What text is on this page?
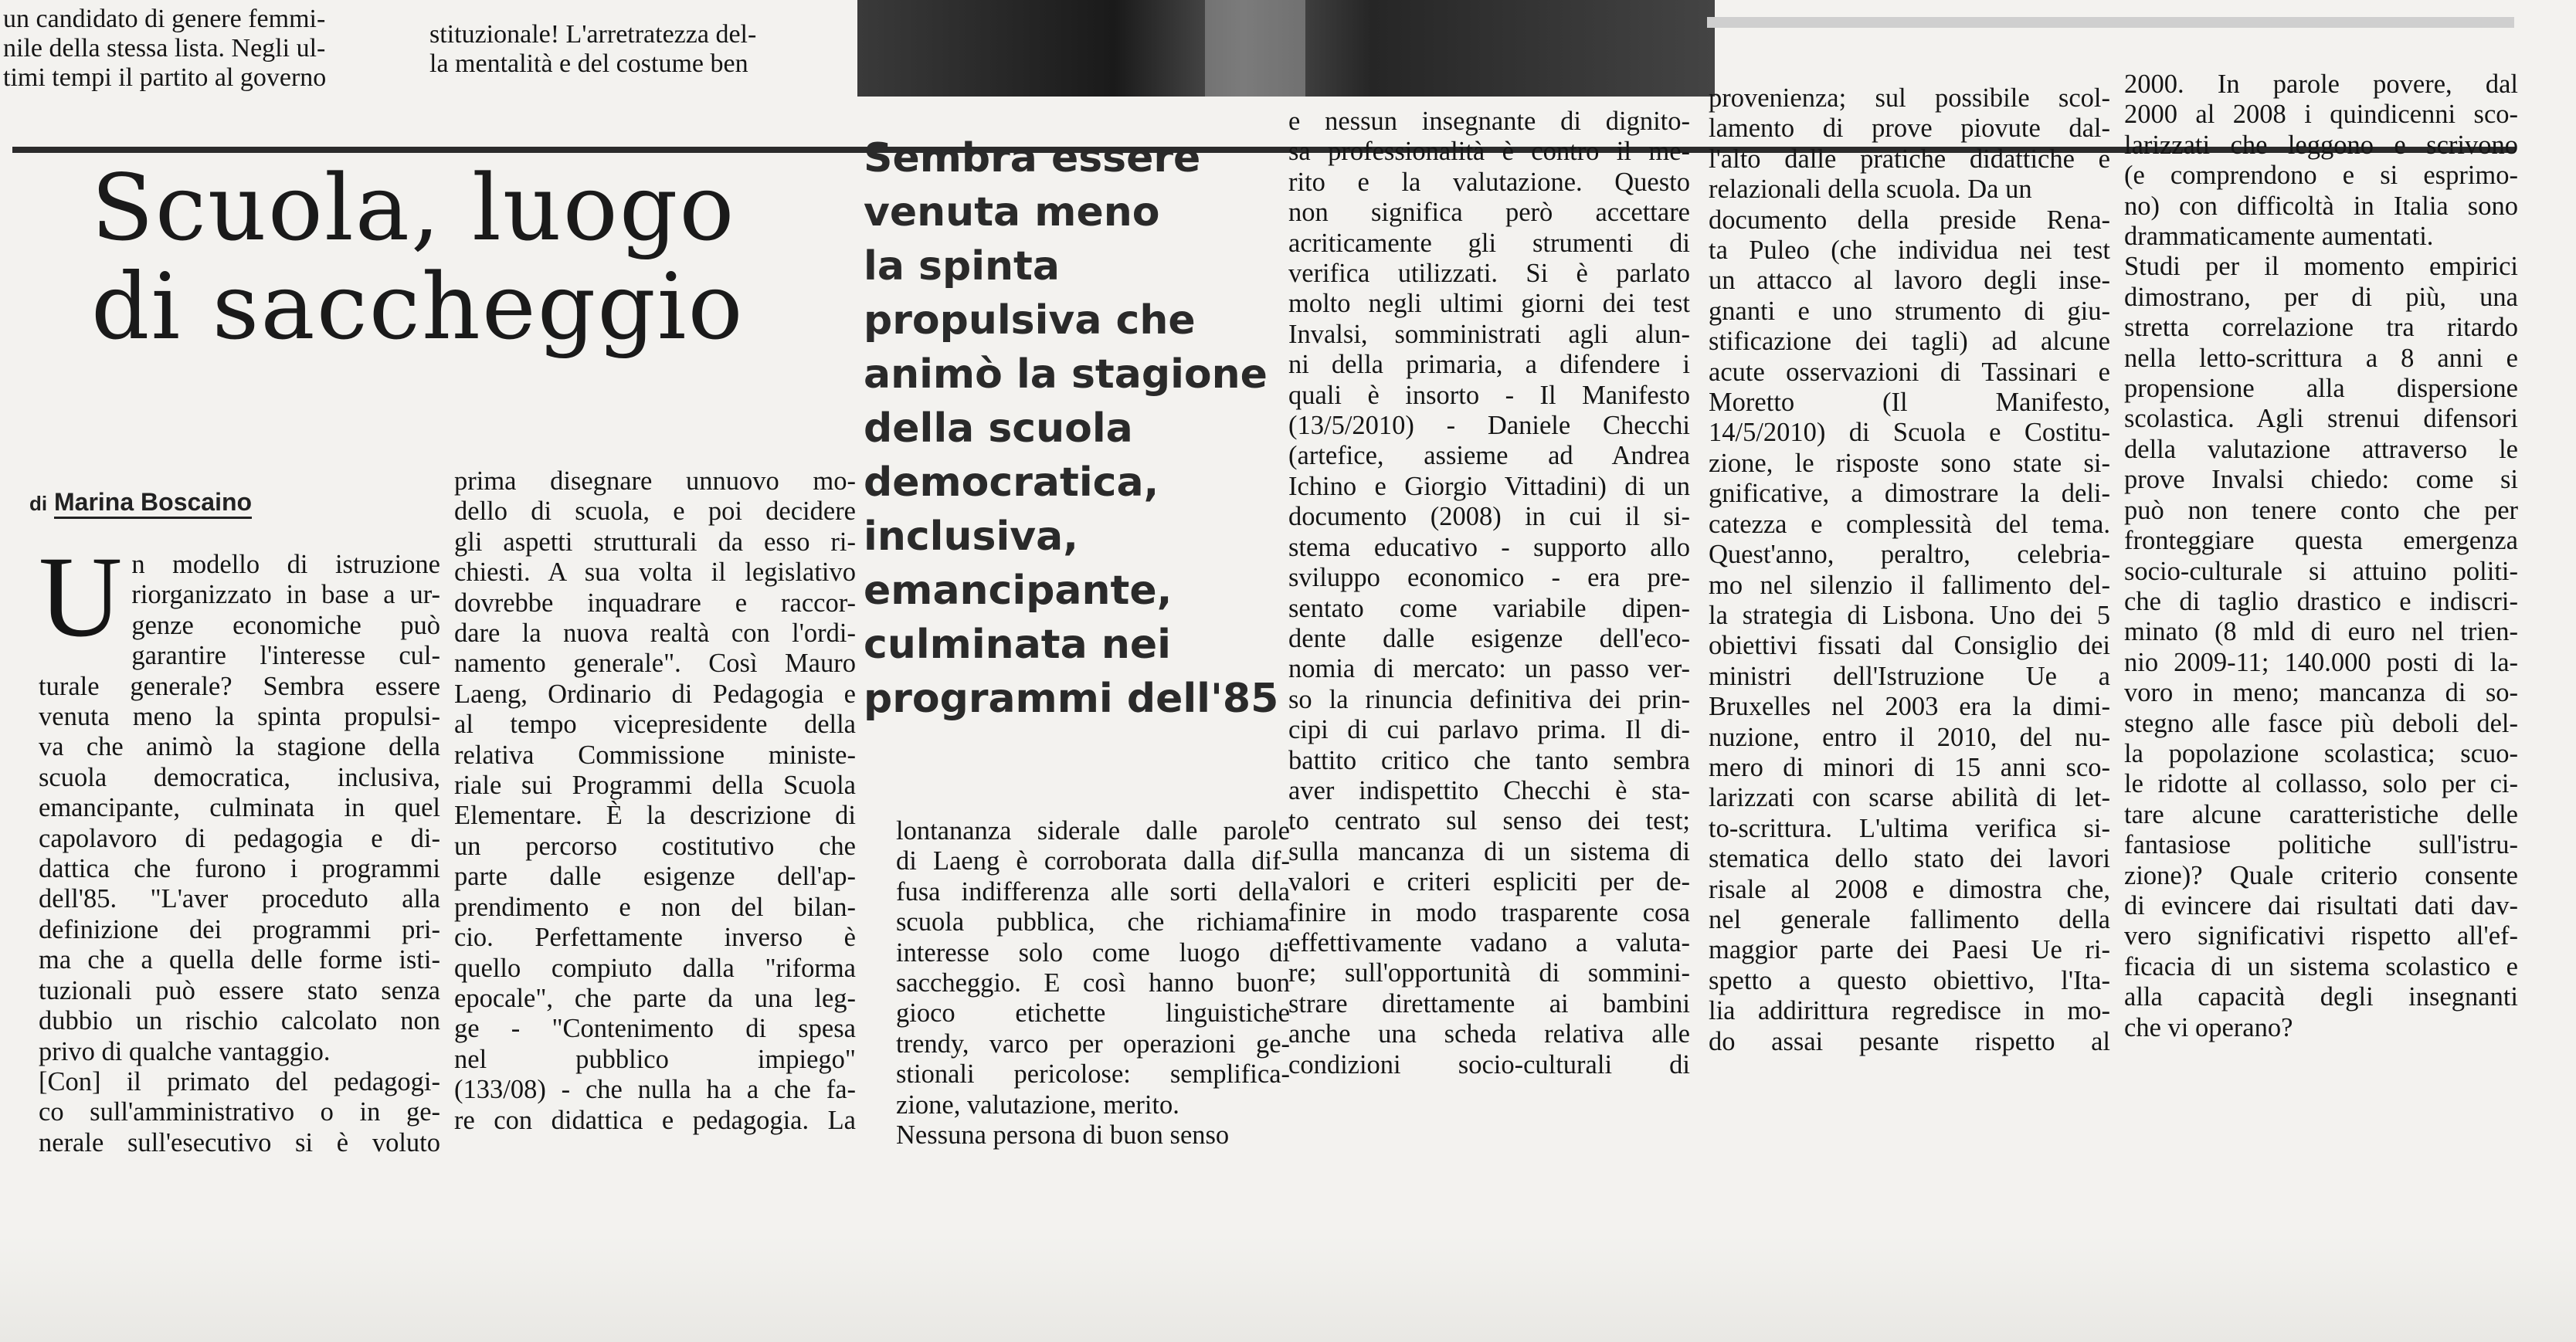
un candidato di genere femmi-
nile della stessa lista. Negli ul-
timi tempi il partito al governo
stituzionale! L'arretratezza del-
la mentalità e del costume ben
Scuola, luogo
di saccheggio
di Marina Boscaino
Sembra essere
venuta meno
la spinta
propulsiva che
animò la stagione
della scuola
democratica,
inclusiva,
emancipante,
culminata nei
programmi dell'85
U n modello di istruzione
riorganizzato in base a ur-
genze economiche può
garantire l'interesse cul-
turale generale? Sembra essere
venuta meno la spinta propulsi-
va che animò la stagione della
scuola democratica, inclusiva,
emancipante, culminata in quel
capolavoro di pedagogia e di-
dattica che furono i programmi
dell'85. "L'aver proceduto alla
definizione dei programmi pri-
ma che a quella delle forme isti-
tuzionali può essere stato senza
dubbio un rischio calcolato non
privo di qualche vantaggio.
[Con] il primato del pedagogi-
co sull'amministrativo o in ge-
nerale sull'esecutivo si è voluto
prima disegnare unnuovo mo-
dello di scuola, e poi decidere
gli aspetti strutturali da esso ri-
chiesti. A sua volta il legislativo
dovrebbe inquadrare e raccor-
dare la nuova realtà con l'ordi-
namento generale". Così Mauro
Laeng, Ordinario di Pedagogia e
al tempo vicepresidente della
relativa Commissione ministe-
riale sui Programmi della Scuola
Elementare. È la descrizione di
un percorso costitutivo che
parte dalle esigenze dell'ap-
prendimento e non del bilan-
cio. Perfettamente inverso è
quello compiuto dalla "riforma
epocale", che parte da una leg-
ge - "Contenimento di spesa
nel pubblico impiego"
(133/08) - che nulla ha a che fa-
re con didattica e pedagogia. La
lontananza siderale dalle parole
di Laeng è corroborata dalla dif-
fusa indifferenza alle sorti della
scuola pubblica, che richiama
interesse solo come luogo di
saccheggio. E così hanno buon
gioco etichette linguistiche
trendy, varco per operazioni ge-
stionali pericolose: semplifica-
zione, valutazione, merito.
Nessuna persona di buon senso
e nessun insegnante di dignito-
sa professionalità è contro il me-
rito e la valutazione. Questo
non significa però accettare
acriticamente gli strumenti di
verifica utilizzati. Si è parlato
molto negli ultimi giorni dei test
Invalsi, somministrati agli alun-
ni della primaria, a difendere i
quali è insorto - Il Manifesto
(13/5/2010) - Daniele Checchi
(artefice, assieme ad Andrea
Ichino e Giorgio Vittadini) di un
documento (2008) in cui il si-
stema educativo - supporto allo
sviluppo economico - era pre-
sentato come variabile dipen-
dente dalle esigenze dell'eco-
nomia di mercato: un passo ver-
so la rinuncia definitiva dei prin-
cipi di cui parlavo prima. Il di-
battito critico che tanto sembra
aver indispettito Checchi è sta-
to centrato sul senso dei test;
sulla mancanza di un sistema di
valori e criteri espliciti per de-
finire in modo trasparente cosa
effettivamente vadano a valuta-
re; sull'opportunità di sommini-
strare direttamente ai bambini
anche una scheda relativa alle
condizioni socio-culturali di
provenienza; sul possibile scol-
lamento di prove piovute dal-
l'alto dalle pratiche didattiche e
relazionali della scuola. Da un
documento della preside Rena-
ta Puleo (che individua nei test
un attacco al lavoro degli inse-
gnanti e uno strumento di giu-
stificazione dei tagli) ad alcune
acute osservazioni di Tassinari e
Moretto (Il Manifesto,
14/5/2010) di Scuola e Costitu-
zione, le risposte sono state si-
gnificative, a dimostrare la deli-
catezza e complessità del tema.
Quest'anno, peraltro, celebria-
mo nel silenzio il fallimento del-
la strategia di Lisbona. Uno dei 5
obiettivi fissati dal Consiglio dei
ministri dell'Istruzione Ue a
Bruxelles nel 2003 era la dimi-
nuzione, entro il 2010, del nu-
mero di minori di 15 anni sco-
larizzati con scarse abilità di let-
to-scrittura. L'ultima verifica si-
stematica dello stato dei lavori
risale al 2008 e dimostra che,
nel generale fallimento della
maggior parte dei Paesi Ue ri-
spetto a questo obiettivo, l'Ita-
lia addirittura regredisce in mo-
do assai pesante rispetto al
2000. In parole povere, dal
2000 al 2008 i quindicenni sco-
larizzati che leggono e scrivono
(e comprendono e si esprimo-
no) con difficoltà in Italia sono
drammaticamente aumentati.
Studi per il momento empirici
dimostrano, per di più, una
stretta correlazione tra ritardo
nella letto-scrittura a 8 anni e
propensione alla dispersione
scolastica. Agli strenui difensori
della valutazione attraverso le
prove Invalsi chiedo: come si
può non tenere conto che per
fronteggiare questa emergenza
socio-culturale si attuino politi-
che di taglio drastico e indiscri-
minato (8 mld di euro nel trien-
nio 2009-11; 140.000 posti di la-
voro in meno; mancanza di so-
stegno alle fasce più deboli del-
la popolazione scolastica; scuo-
le ridotte al collasso, solo per ci-
tare alcune caratteristiche delle
fantasiose politiche sull'istru-
zione)? Quale criterio consente
di evincere dai risultati dati dav-
vero significativi rispetto all'ef-
ficacia di un sistema scolastico e
alla capacità degli insegnanti
che vi operano?
